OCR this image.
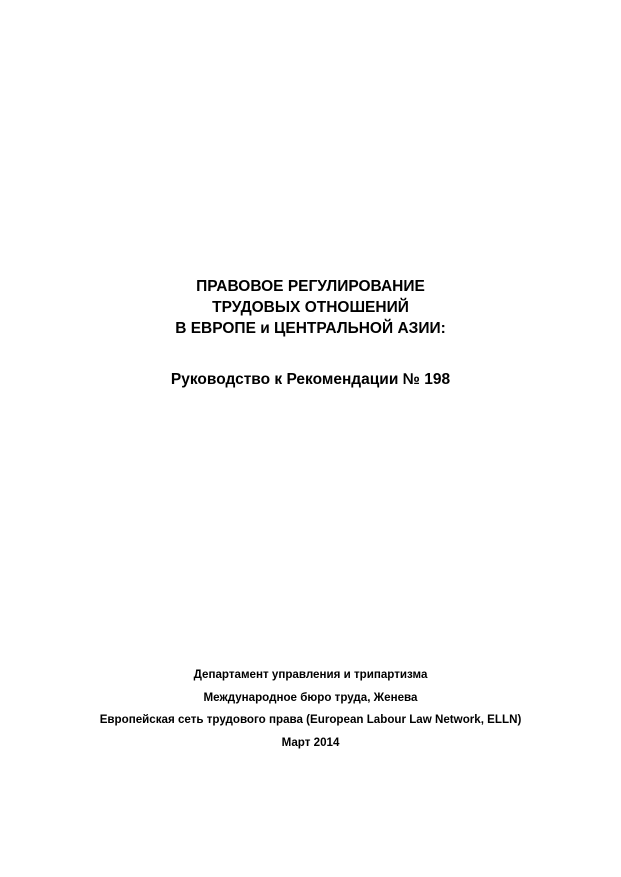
ПРАВОВОЕ РЕГУЛИРОВАНИЕ
ТРУДОВЫХ ОТНОШЕНИЙ
В ЕВРОПЕ и ЦЕНТРАЛЬНОЙ АЗИИ:
Руководство к Рекомендации № 198
Департамент управления и трипартизма
Международное бюро труда, Женева
Европейская сеть трудового права (European Labour Law Network, ELLN)
Март 2014
